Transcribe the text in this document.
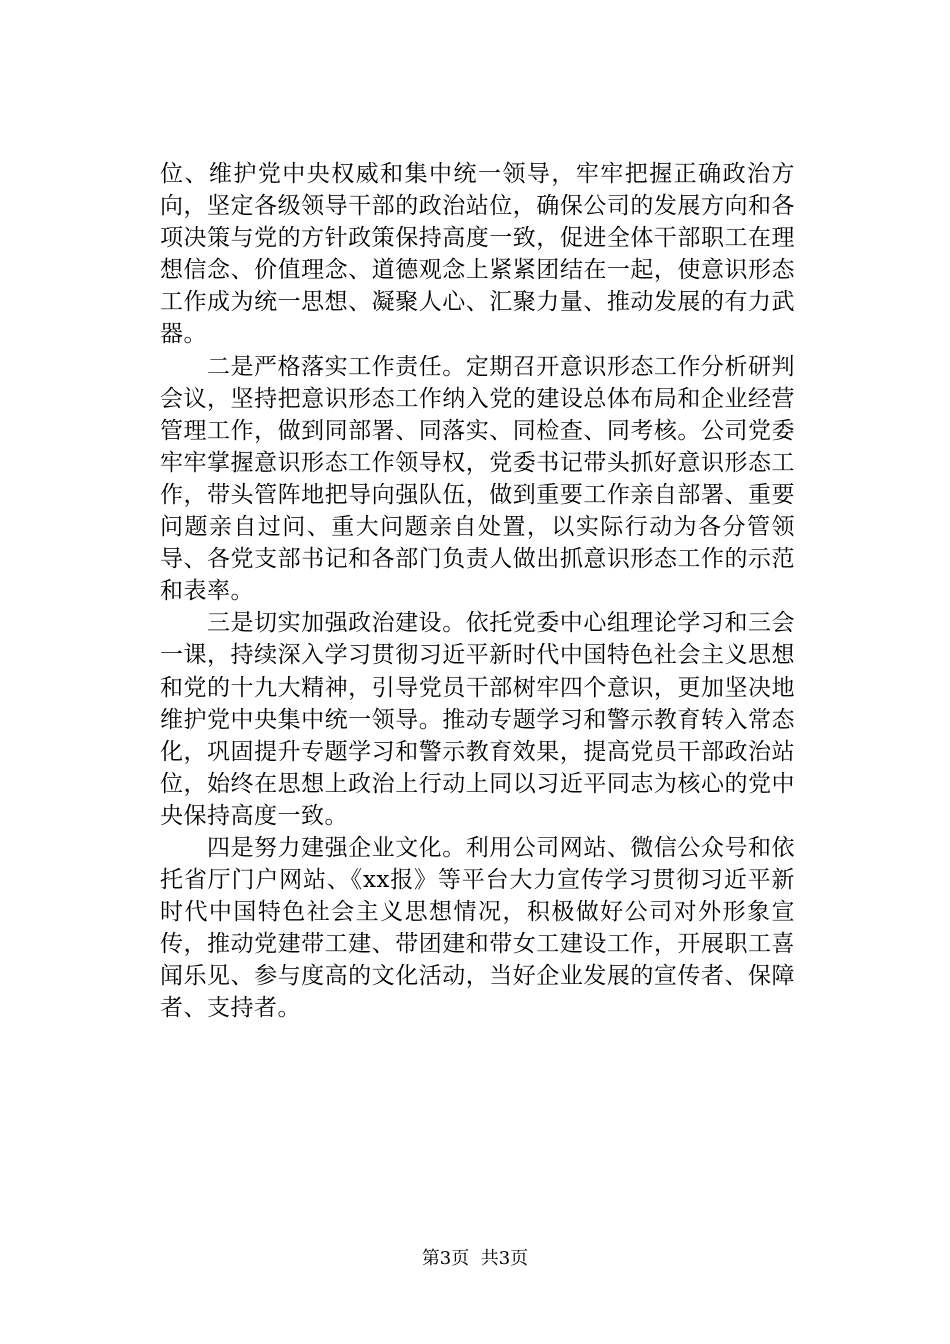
位、维护党中央权威和集中统一领导，牢牢把握正确政治方向，坚定各级领导干部的政治站位，确保公司的发展方向和各项决策与党的方针政策保持高度一致，促进全体干部职工在理想信念、价值理念、道德观念上紧紧团结在一起，使意识形态工作成为统一思想、凝聚人心、汇聚力量、推动发展的有力武器。

二是严格落实工作责任。定期召开意识形态工作分析研判会议，坚持把意识形态工作纳入党的建设总体布局和企业经营管理工作，做到同部署、同落实、同检查、同考核。公司党委牢牢掌握意识形态工作领导权，党委书记带头抓好意识形态工作，带头管阵地把导向强队伍，做到重要工作亲自部署、重要问题亲自过问、重大问题亲自处置，以实际行动为各分管领导、各党支部书记和各部门负责人做出抓意识形态工作的示范和表率。

三是切实加强政治建设。依托党委中心组理论学习和三会一课，持续深入学习贯彻习近平新时代中国特色社会主义思想和党的十九大精神，引导党员干部树牢四个意识，更加坚决地维护党中央集中统一领导。推动专题学习和警示教育转入常态化，巩固提升专题学习和警示教育效果，提高党员干部政治站位，始终在思想上政治上行动上同以习近平同志为核心的党中央保持高度一致。

四是努力建强企业文化。利用公司网站、微信公众号和依托省厅门户网站、《xx报》等平台大力宣传学习贯彻习近平新时代中国特色社会主义思想情况，积极做好公司对外形象宣传，推动党建带工建、带团建和带女工建设工作，开展职工喜闻乐见、参与度高的文化活动，当好企业发展的宣传者、保障者、支持者。

第3页  共3页
